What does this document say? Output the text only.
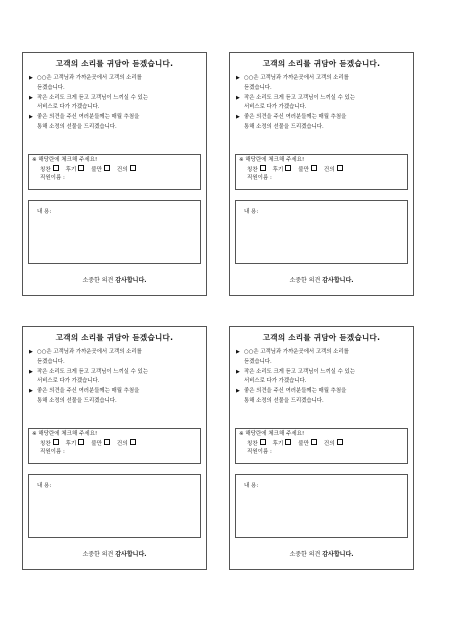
고객의 소리를 귀담아 듣겠습니다.
▶ ○○은 고객님과 가까운곳에서 고객의 소리를
듣겠습니다.
▶ 작은 소리도 크게 듣고 고객님이 느끼실 수 있는
서비스로 다가 가겠습니다.
▶ 좋은 의견을 주신 여러분들께는 매월 추첨을
통해 소정의 선물을 드리겠습니다.
※ 해당란에 체크해 주세요!
칭찬	후기	불만	건의
직원이름 :
내 용:
소중한 의견 감사합니다.
고객의 소리를 귀담아 듣겠습니다.
▶ ○○은 고객님과 가까운곳에서 고객의 소리를
듣겠습니다.
▶ 작은 소리도 크게 듣고 고객님이 느끼실 수 있는
서비스로 다가 가겠습니다.
▶ 좋은 의견을 주신 여러분들께는 매월 추첨을
통해 소정의 선물을 드리겠습니다.
※ 해당란에 체크해 주세요!
칭찬	후기	불만	건의
직원이름 :
내 용:
소중한 의견 감사합니다.
고객의 소리를 귀담아 듣겠습니다.
▶ ○○은 고객님과 가까운곳에서 고객의 소리를
듣겠습니다.
▶ 작은 소리도 크게 듣고 고객님이 느끼실 수 있는
서비스로 다가 가겠습니다.
▶ 좋은 의견을 주신 여러분들께는 매월 추첨을
통해 소정의 선물을 드리겠습니다.
※ 해당란에 체크해 주세요!
칭찬	후기	불만	건의
직원이름 :
내 용:
소중한 의견 감사합니다.
고객의 소리를 귀담아 듣겠습니다.
▶ ○○은 고객님과 가까운곳에서 고객의 소리를
듣겠습니다.
▶ 작은 소리도 크게 듣고 고객님이 느끼실 수 있는
서비스로 다가 가겠습니다.
▶ 좋은 의견을 주신 여러분들께는 매월 추첨을
통해 소정의 선물을 드리겠습니다.
※ 해당란에 체크해 주세요!
칭찬	후기	불만	건의
직원이름 :
내 용:
소중한 의견 감사합니다.
